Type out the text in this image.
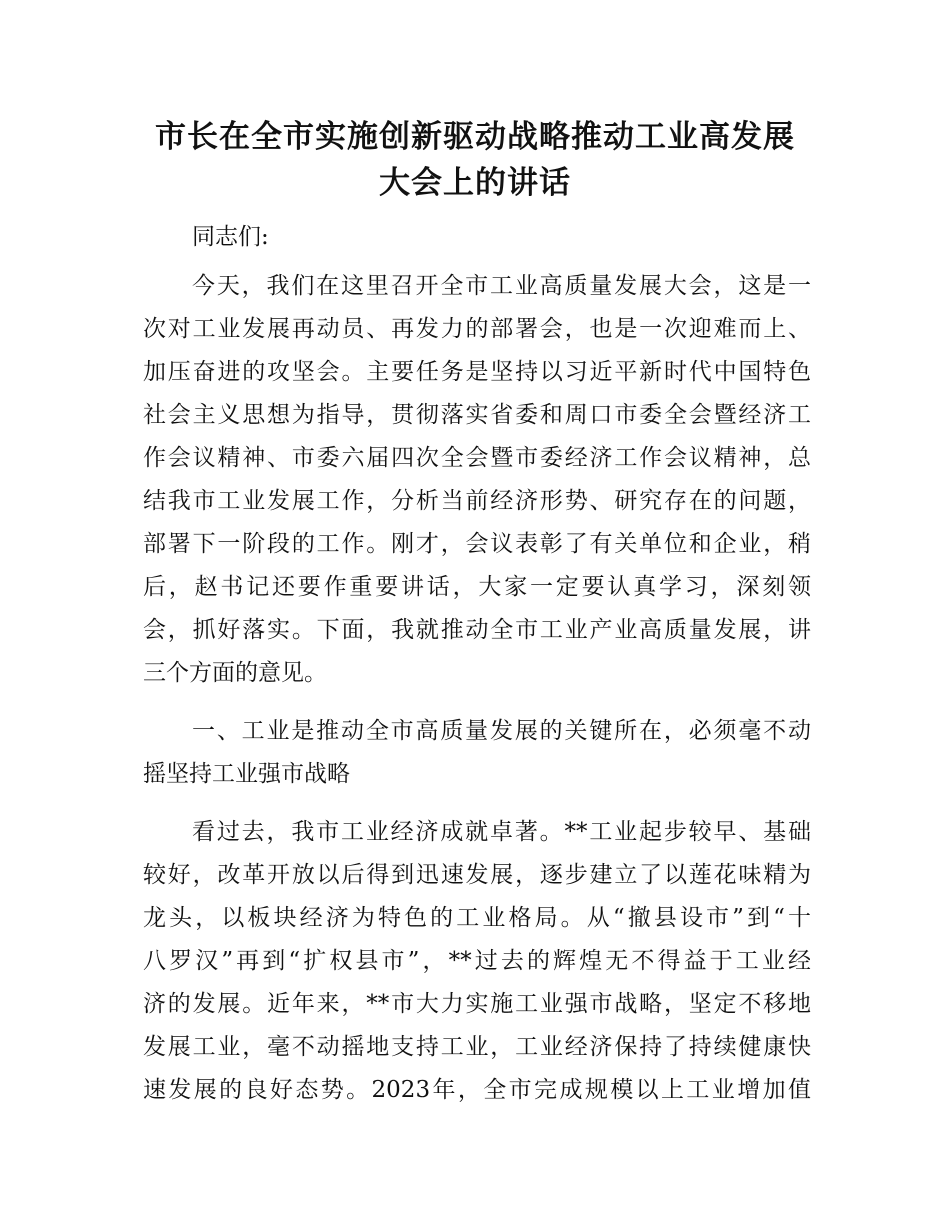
市长在全市实施创新驱动战略推动工业高发展
大会上的讲话
同志们:
今天，我们在这里召开全市工业高质量发展大会，这是一
次对工业发展再动员、再发力的部署会，也是一次迎难而上、
加压奋进的攻坚会。主要任务是坚持以习近平新时代中国特色
社会主义思想为指导，贯彻落实省委和周口市委全会暨经济工
作会议精神、市委六届四次全会暨市委经济工作会议精神，总
结我市工业发展工作，分析当前经济形势、研究存在的问题，
部署下一阶段的工作。刚才，会议表彰了有关单位和企业，稍
后，赵书记还要作重要讲话，大家一定要认真学习，深刻领
会，抓好落实。下面，我就推动全市工业产业高质量发展，讲
三个方面的意见。
一、工业是推动全市高质量发展的关键所在，必须毫不动
摇坚持工业强市战略
看过去，我市工业经济成就卓著。**工业起步较早、基础
较好，改革开放以后得到迅速发展，逐步建立了以莲花味精为
龙头，以板块经济为特色的工业格局。从“撤县设市”到“十
八罗汉”再到“扩权县市”，**过去的辉煌无不得益于工业经
济的发展。近年来，**市大力实施工业强市战略，坚定不移地
发展工业，毫不动摇地支持工业，工业经济保持了持续健康快
速发展的良好态势。2023年，全市完成规模以上工业增加值
